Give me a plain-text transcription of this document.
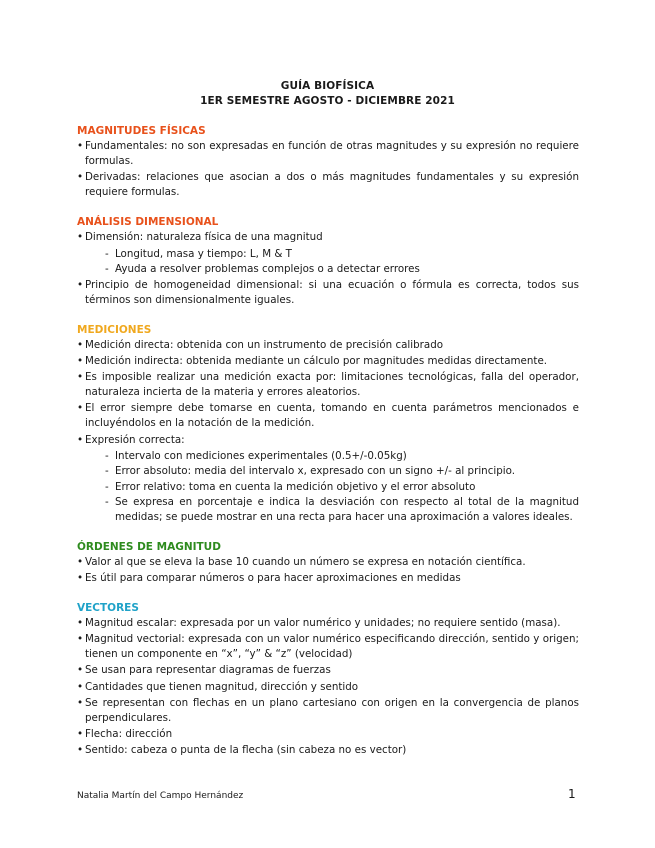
GUÍA BIOFÍSICA
1ER SEMESTRE AGOSTO - DICIEMBRE 2021
MAGNITUDES FÍSICAS
• Fundamentales: no son expresadas en función de otras magnitudes y su expresión no requiere formulas.
• Derivadas: relaciones que asocian a dos o más magnitudes fundamentales y su expresión requiere formulas.
ANÁLISIS DIMENSIONAL
• Dimensión: naturaleza física de una magnitud
- Longitud, masa y tiempo: L, M & T
- Ayuda a resolver problemas complejos o a detectar errores
• Principio de homogeneidad dimensional: si una ecuación o fórmula es correcta, todos sus términos son dimensionalmente iguales.
MEDICIONES
• Medición directa: obtenida con un instrumento de precisión calibrado
• Medición indirecta: obtenida mediante un cálculo por magnitudes medidas directamente.
• Es imposible realizar una medición exacta por: limitaciones tecnológicas, falla del operador, naturaleza incierta de la materia y errores aleatorios.
• El error siempre debe tomarse en cuenta, tomando en cuenta parámetros mencionados e incluyéndolos en la notación de la medición.
• Expresión correcta:
- Intervalo con mediciones experimentales (0.5+/-0.05kg)
- Error absoluto: media del intervalo x, expresado con un signo +/- al principio.
- Error relativo: toma en cuenta la medición objetivo y el error absoluto
- Se expresa en porcentaje e indica la desviación con respecto al total de la magnitud medidas; se puede mostrar en una recta para hacer una aproximación a valores ideales.
ÓRDENES DE MAGNITUD
• Valor al que se eleva la base 10 cuando un número se expresa en notación científica.
• Es útil para comparar números o para hacer aproximaciones en medidas
VECTORES
• Magnitud escalar: expresada por un valor numérico y unidades; no requiere sentido (masa).
• Magnitud vectorial: expresada con un valor numérico especificando dirección, sentido y origen; tienen un componente en “x”, “y” & “z” (velocidad)
• Se usan para representar diagramas de fuerzas
• Cantidades que tienen magnitud, dirección y sentido
• Se representan con flechas en un plano cartesiano con origen en la convergencia de planos perpendiculares.
• Flecha: dirección
• Sentido: cabeza o punta de la flecha (sin cabeza no es vector)
Natalia Martín del Campo Hernández	1
